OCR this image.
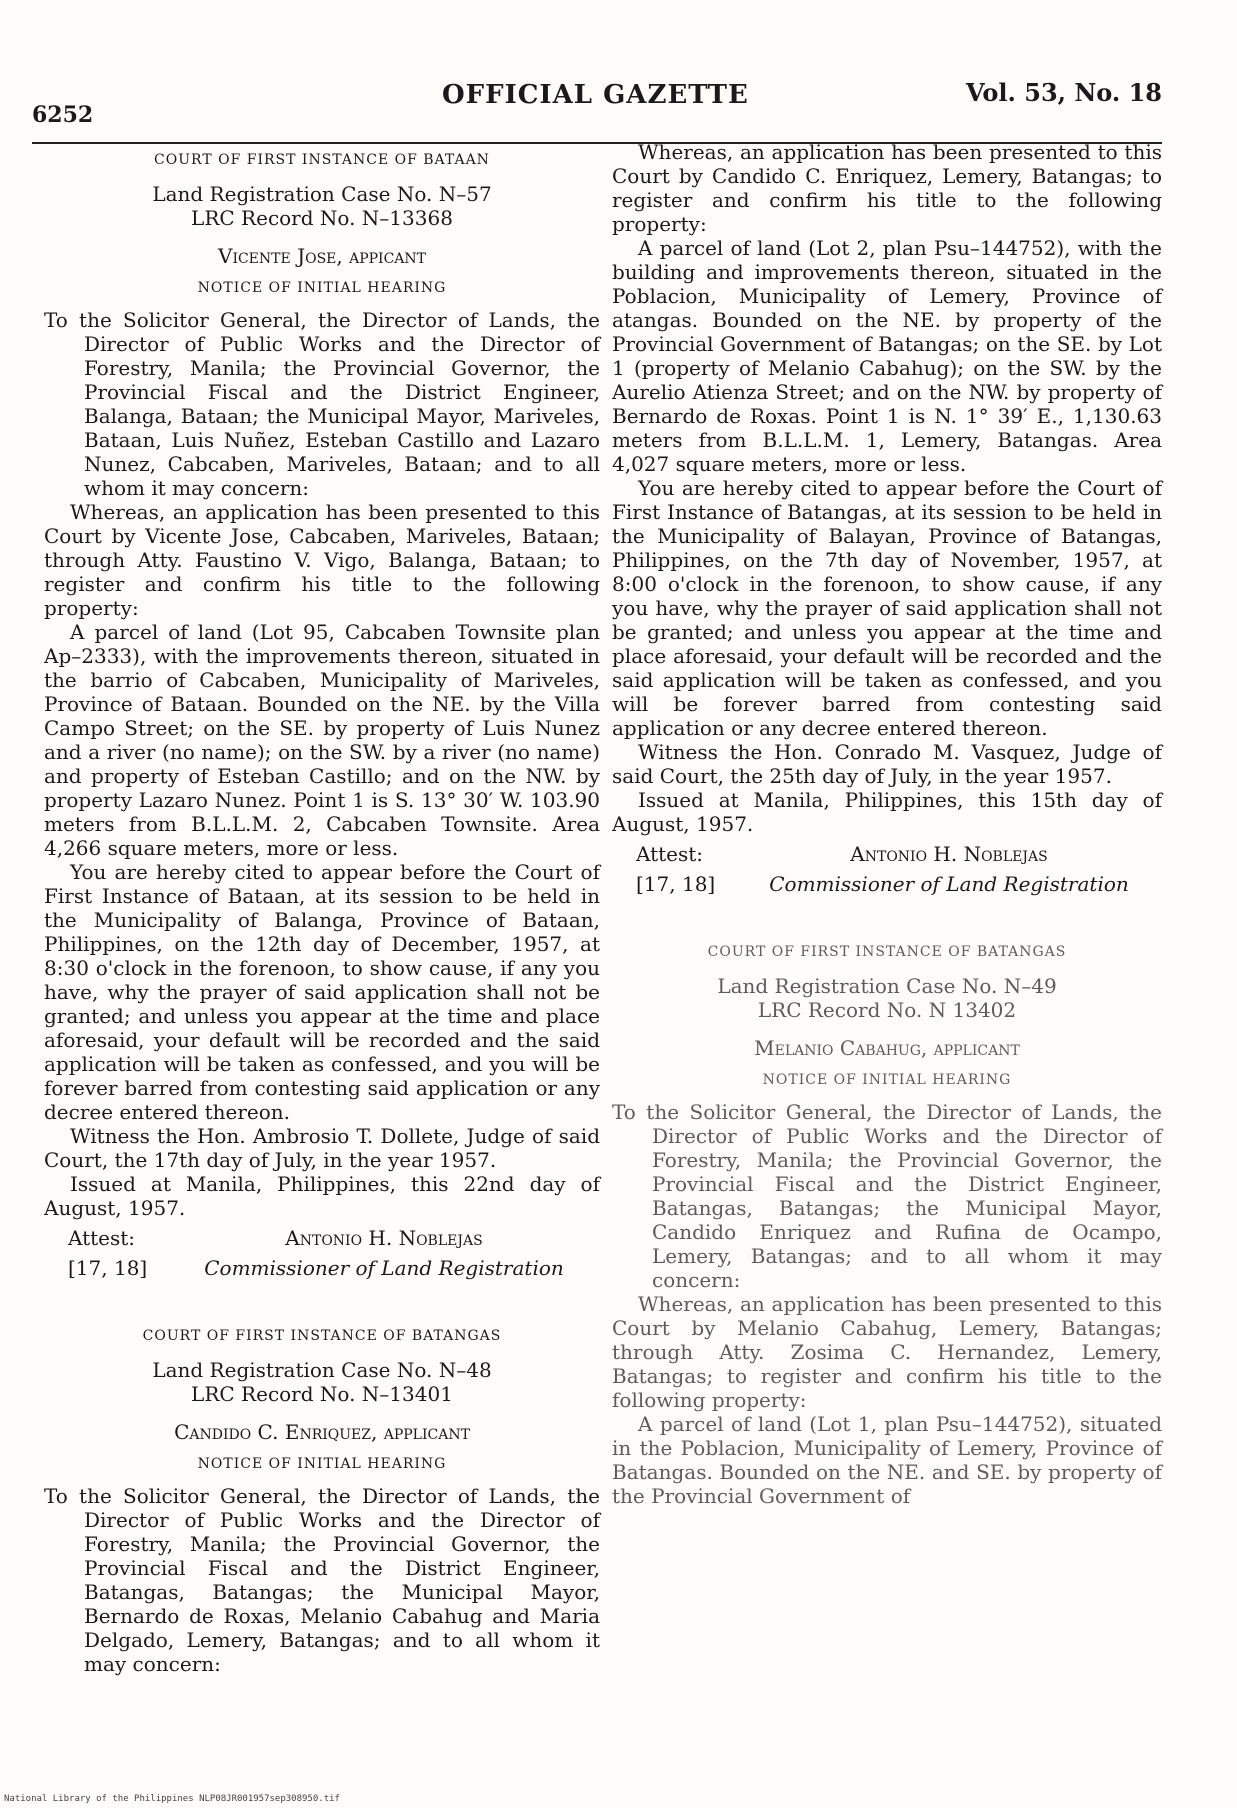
6252
OFFICIAL GAZETTE	Vol. 53, No. 18
COURT OF FIRST INSTANCE OF BATAAN

Land Registration Case No. N–57

LRC Record No. N–13368

Vicente Jose, appicant

NOTICE OF INITIAL HEARING

To the Solicitor General, the Director of Lands, the Director of Public Works and the Director of Forestry, Manila; the Provincial Governor, the Provincial Fiscal and the District Engineer, Balanga, Bataan; the Municipal Mayor, Mariveles, Bataan, Luis Nuñez, Esteban Castillo and Lazaro Nunez, Cabcaben, Mariveles, Bataan; and to all whom it may concern:

Whereas, an application has been presented to this Court by Vicente Jose, Cabcaben, Mariveles, Bataan; through Atty. Faustino V. Vigo, Balanga, Bataan; to register and confirm his title to the following property:

A parcel of land (Lot 95, Cabcaben Townsite plan Ap–2333), with the improvements thereon, situated in the barrio of Cabcaben, Municipality of Mariveles, Province of Bataan. Bounded on the NE. by the Villa Campo Street; on the SE. by property of Luis Nunez and a river (no name); on the SW. by a river (no name) and property of Esteban Castillo; and on the NW. by property Lazaro Nunez. Point 1 is S. 13° 30′ W. 103.90 meters from B.L.L.M. 2, Cabcaben Townsite. Area 4,266 square meters, more or less.

You are hereby cited to appear before the Court of First Instance of Bataan, at its session to be held in the Municipality of Balanga, Province of Bataan, Philippines, on the 12th day of December, 1957, at 8:30 o'clock in the forenoon, to show cause, if any you have, why the prayer of said application shall not be granted; and unless you appear at the time and place aforesaid, your default will be recorded and the said application will be taken as confessed, and you will be forever barred from contesting said application or any decree entered thereon.

Witness the Hon. Ambrosio T. Dollete, Judge of said Court, the 17th day of July, in the year 1957.

Issued at Manila, Philippines, this 22nd day of August, 1957.

Attest:	Antonio H. Noblejas
[17, 18]	Commissioner of Land Registration
COURT OF FIRST INSTANCE OF BATANGAS

Land Registration Case No. N–48

LRC Record No. N–13401

Candido C. Enriquez, applicant

NOTICE OF INITIAL HEARING

To the Solicitor General, the Director of Lands, the Director of Public Works and the Director of Forestry, Manila; the Provincial Governor, the Provincial Fiscal and the District Engineer, Batangas, Batangas; the Municipal Mayor, Bernardo de Roxas, Melanio Cabahug and Maria Delgado, Lemery, Batangas; and to all whom it may concern:

Whereas, an application has been presented to this Court by Candido C. Enriquez, Lemery, Batangas; to register and confirm his title to the following property:

A parcel of land (Lot 2, plan Psu–144752), with the building and improvements thereon, situated in the Poblacion, Municipality of Lemery, Province of atangas. Bounded on the NE. by property of the Provincial Government of Batangas; on the SE. by Lot 1 (property of Melanio Cabahug); on the SW. by the Aurelio Atienza Street; and on the NW. by property of Bernardo de Roxas. Point 1 is N. 1° 39′ E., 1,130.63 meters from B.L.L.M. 1, Lemery, Batangas. Area 4,027 square meters, more or less.

You are hereby cited to appear before the Court of First Instance of Batangas, at its session to be held in the Municipality of Balayan, Province of Batangas, Philippines, on the 7th day of November, 1957, at 8:00 o'clock in the forenoon, to show cause, if any you have, why the prayer of said application shall not be granted; and unless you appear at the time and place aforesaid, your default will be recorded and the said application will be taken as confessed, and you will be forever barred from contesting said application or any decree entered thereon.

Witness the Hon. Conrado M. Vasquez, Judge of said Court, the 25th day of July, in the year 1957.

Issued at Manila, Philippines, this 15th day of August, 1957.

Attest:	Antonio H. Noblejas
[17, 18]	Commissioner of Land Registration
COURT OF FIRST INSTANCE OF BATANGAS

Land Registration Case No. N–49

LRC Record No. N 13402

Melanio Cabahug, applicant

NOTICE OF INITIAL HEARING

To the Solicitor General, the Director of Lands, the Director of Public Works and the Director of Forestry, Manila; the Provincial Governor, the Provincial Fiscal and the District Engineer, Batangas, Batangas; the Municipal Mayor, Candido Enriquez and Rufina de Ocampo, Lemery, Batangas; and to all whom it may concern:

Whereas, an application has been presented to this Court by Melanio Cabahug, Lemery, Batangas; through Atty. Zosima C. Hernandez, Lemery, Batangas; to register and confirm his title to the following property:

A parcel of land (Lot 1, plan Psu–144752), situated in the Poblacion, Municipality of Lemery, Province of Batangas. Bounded on the NE. and SE. by property of the Provincial Government of

National Library of the Philippines NLP08JR001957sep308950.tif
